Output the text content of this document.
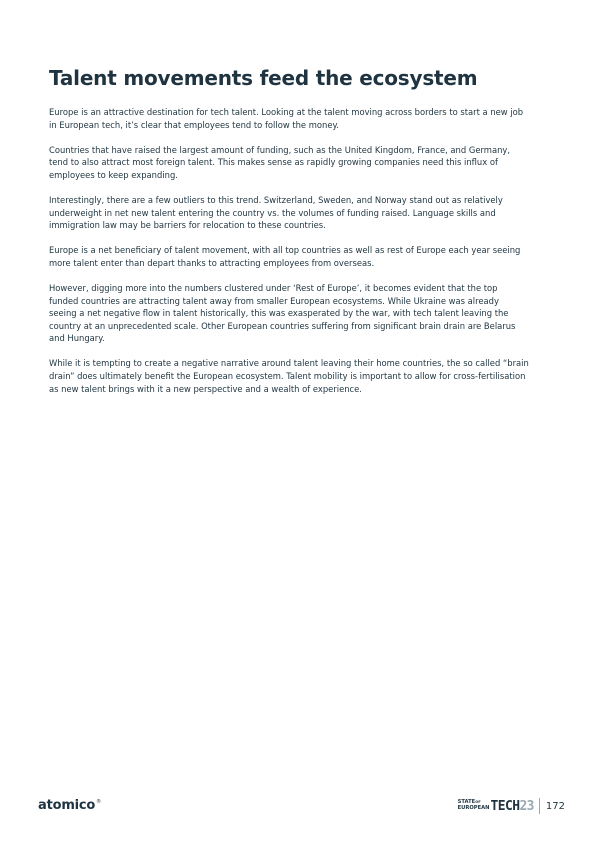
Talent movements feed the ecosystem

Europe is an attractive destination for tech talent. Looking at the talent moving across borders to start a new job in European tech, it’s clear that employees tend to follow the money.

Countries that have raised the largest amount of funding, such as the United Kingdom, France, and Germany, tend to also attract most foreign talent. This makes sense as rapidly growing companies need this influx of employees to keep expanding.

Interestingly, there are a few outliers to this trend. Switzerland, Sweden, and Norway stand out as relatively underweight in net new talent entering the country vs. the volumes of funding raised. Language skills and immigration law may be barriers for relocation to these countries.

Europe is a net beneficiary of talent movement, with all top countries as well as rest of Europe each year seeing more talent enter than depart thanks to attracting employees from overseas.

However, digging more into the numbers clustered under ‘Rest of Europe’, it becomes evident that the top funded countries are attracting talent away from smaller European ecosystems. While Ukraine was already seeing a net negative flow in talent historically, this was exasperated by the war, with tech talent leaving the country at an unprecedented scale. Other European countries suffering from significant brain drain are Belarus and Hungary.

While it is tempting to create a negative narrative around talent leaving their home countries, the so called “brain drain” does ultimately benefit the European ecosystem. Talent mobility is important to allow for cross-fertilisation as new talent brings with it a new perspective and a wealth of experience.

atomico®	STATEOF
EUROPEAN TECH 23 172
